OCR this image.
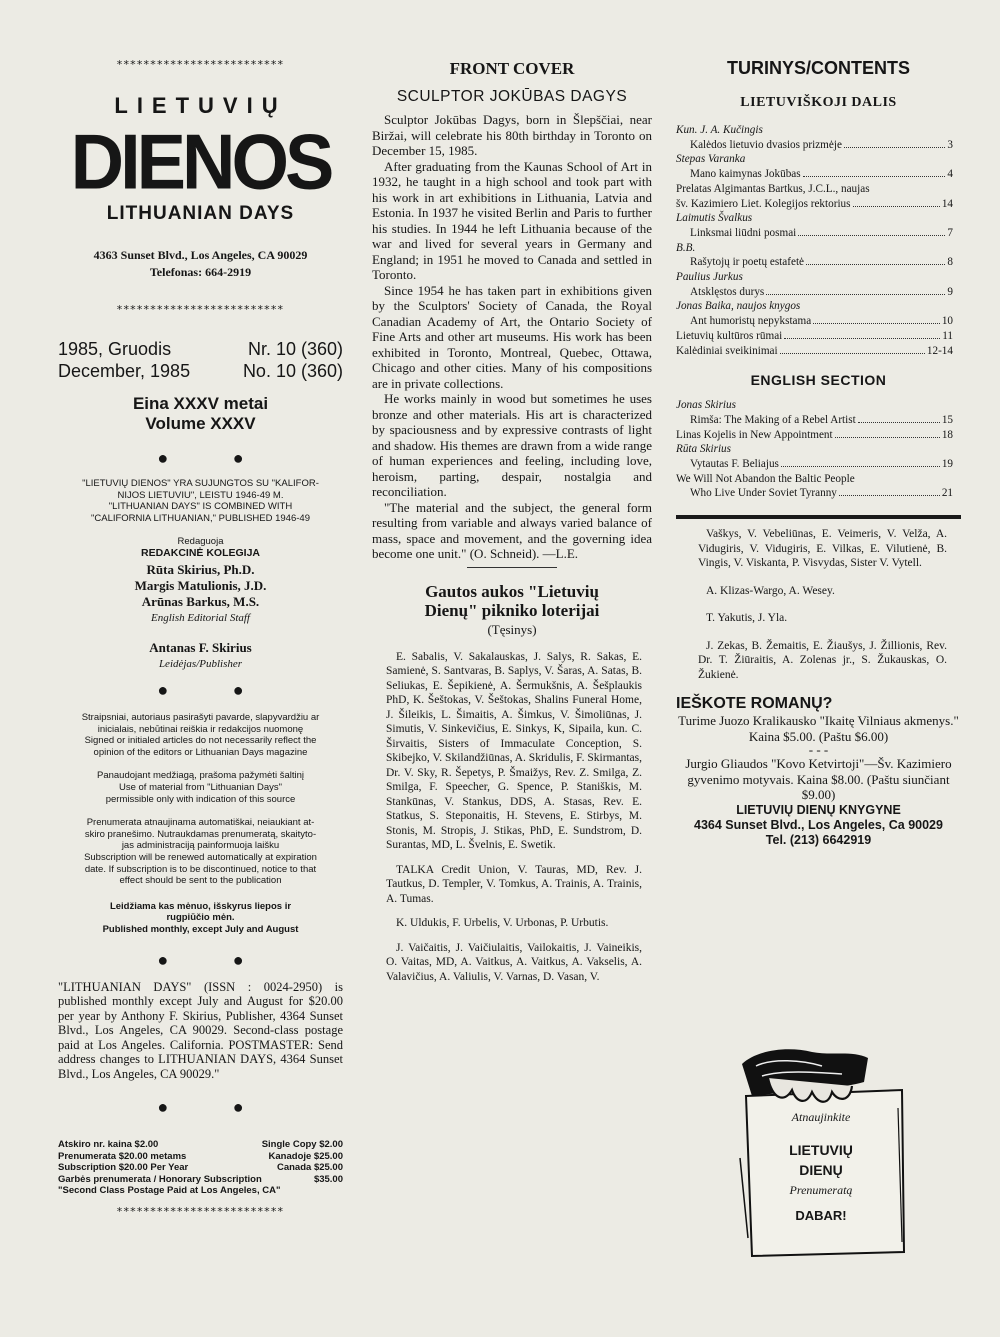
*************************
LIETUVIŲ
DIENOS
LITHUANIAN DAYS
4363 Sunset Blvd., Los Angeles, CA 90029
Telefonas: 664-2919
*************************
1985, Gruodis	Nr. 10 (360)
December, 1985	No. 10 (360)
Eina XXXV metai
Volume XXXV
● ●
"LIETUVIŲ DIENOS" YRA SUJUNGTOS SU "KALIFOR-
NIJOS LIETUVIU", LEISTU 1946-49 M.
"LITHUANIAN DAYS" IS COMBINED WITH
"CALIFORNIA LITHUANIAN," PUBLISHED 1946-49
Redaguoja
REDAKCINĖ KOLEGIJA
Rūta Skirius, Ph.D.
Margis Matulionis, J.D.
Arūnas Barkus, M.S.
English Editorial Staff
Antanas F. Skirius
Leidėjas/Publisher
● ●
Straipsniai, autoriaus pasirašyti pavarde, slapyvardžiu ar
inicialais, nebūtinai reiškia ir redakcijos nuomonę
Signed or initialed articles do not necessarily reflect the
opinion of the editors or Lithuanian Days magazine
Panaudojant medžiagą, prašoma pažymėti šaltinį
Use of material from "Lithuanian Days"
permissible only with indication of this source
Prenumerata atnaujinama automatiškai, neiaukiant at-
skiro pranešimo. Nutraukdamas prenumeratą, skaityto-
jas administraciją painformuoja laišku
Subscription will be renewed automatically at expiration
date. If subscription is to be discontinued, notice to that
effect should be sent to the publication
Leidžiama kas mėnuo, išskyrus liepos ir
rugpiūčio mėn.
Published monthly, except July and August
● ●
"LITHUANIAN DAYS" (ISSN : 0024-2950) is published monthly except July and August for $20.00 per year by Anthony F. Skirius, Publisher, 4364 Sunset Blvd., Los Angeles, CA 90029. Second-class postage paid at Los Angeles. California. POSTMASTER: Send address changes to LITHUANIAN DAYS, 4364 Sunset Blvd., Los Angeles, CA 90029."
● ●
Atskiro nr. kaina $2.00	Single Copy $2.00
Prenumerata $20.00 metams	Kanadoje $25.00
Subscription $20.00 Per Year	Canada $25.00
Garbės prenumerata / Honorary Subscription	$35.00
"Second Class Postage Paid at Los Angeles, CA"
*************************
FRONT COVER
SCULPTOR JOKŪBAS DAGYS

Sculptor Jokūbas Dagys, born in Šlepščiai, near Biržai, will celebrate his 80th birthday in Toronto on December 15, 1985.

After graduating from the Kaunas School of Art in 1932, he taught in a high school and took part with his work in art exhibitions in Lithuania, Latvia and Estonia. In 1937 he visited Berlin and Paris to further his studies. In 1944 he left Lithuania because of the war and lived for several years in Germany and England; in 1951 he moved to Canada and settled in Toronto.

Since 1954 he has taken part in exhibitions given by the Sculptors' Society of Canada, the Royal Canadian Academy of Art, the Ontario Society of Fine Arts and other art museums. His work has been exhibited in Toronto, Montreal, Quebec, Ottawa, Chicago and other cities. Many of his compositions are in private collections.

He works mainly in wood but sometimes he uses bronze and other materials. His art is characterized by spaciousness and by expressive contrasts of light and shadow. His themes are drawn from a wide range of human experiences and feeling, including love, heroism, parting, despair, nostalgia and reconciliation.

"The material and the subject, the general form resulting from variable and always varied balance of mass, space and movement, and the governing idea become one unit." (O. Schneid). —L.E.

Gautos aukos "Lietuvių
Dienų" pikniko loterijai
(Tęsinys)

E. Sabalis, V. Sakalauskas, J. Salys, R. Sakas, E. Samienė, S. Santvaras, B. Saplys, V. Šaras, A. Satas, B. Seliukas, E. Šepikienė, A. Šermukšnis, A. Šešplaukis PhD, K. Šeštokas, V. Šeštokas, Shalins Funeral Home, J. Šileikis, L. Šimaitis, A. Šimkus, V. Šimoliūnas, J. Simutis, V. Sinkevičius, E. Sinkys, K, Sipaila, kun. C. Širvaitis, Sisters of Immaculate Conception, S. Skibejko, V. Skilandžiūnas, A. Skridulis, F. Skirmantas, Dr. V. Sky, R. Šepetys, P. Šmaižys, Rev. Z. Smilga, Z. Smilga, F. Speecher, G. Spence, P. Staniškis, M. Stankūnas, V. Stankus, DDS, A. Stasas, Rev. E. Statkus, S. Steponaitis, H. Stevens, E. Stirbys, M. Stonis, M. Stropis, J. Stikas, PhD, E. Sundstrom, D. Surantas, MD, L. Švelnis, E. Swetik.

TALKA Credit Union, V. Tauras, MD, Rev. J. Tautkus, D. Templer, V. Tomkus, A. Trainis, A. Trainis, A. Tumas.

K. Uldukis, F. Urbelis, V. Urbonas, P. Urbutis.

J. Vaičaitis, J. Vaičiulaitis, Vailokaitis, J. Vaineikis, O. Vaitas, MD, A. Vaitkus, A. Vaitkus, A. Vakselis, A. Valavičius, A. Valiulis, V. Varnas, D. Vasan, V.

TURINYS/CONTENTS
LIETUVIŠKOJI DALIS
Kun. J. A. Kučingis
Kalėdos lietuvio dvasios prizmėje	3
Stepas Varanka
Mano kaimynas Jokūbas	4
Prelatas Algimantas Bartkus, J.C.L., naujas
šv. Kazimiero Liet. Kolegijos rektorius	14
Laimutis Švalkus
Linksmai liūdni posmai	7
B.B.
Rašytojų ir poetų estafetė	8
Paulius Jurkus
Atsklęstos durys	9
Jonas Baika, naujos knygos
Ant humoristų nepykstama	10
Lietuvių kultūros rūmai	11
Kalėdiniai sveikinimai	12-14
ENGLISH SECTION
Jonas Skirius
Rimša: The Making of a Rebel Artist	15
Linas Kojelis in New Appointment	18
Rūta Skirius
Vytautas F. Beliajus	19
We Will Not Abandon the Baltic People
Who Live Under Soviet Tyranny	21

Vaškys, V. Vebeliūnas, E. Veimeris, V. Velža, A. Vidugiris, V. Vidugiris, E. Vilkas, E. Vilutienė, B. Vingis, V. Viskanta, P. Visvydas, Sister V. Vytell.

A. Klizas-Wargo, A. Wesey.

T. Yakutis, J. Yla.

J. Zekas, B. Žemaitis, E. Žiaušys, J. Žillionis, Rev. Dr. T. Žiūraitis, A. Zolenas jr., S. Žukauskas, O. Žukienė.

IEŠKOTE ROMANŲ?
Turime Juozo Kralikausko "Ikaitę Vilniaus akmenys." Kaina $5.00. (Paštu $6.00)
- - -
Jurgio Gliaudos "Kovo Ketvirtoji"—Šv. Kazimiero gyvenimo motyvais. Kaina $8.00. (Paštu siunčiant $9.00)
LIETUVIŲ DIENŲ KNYGYNE
4364 Sunset Blvd., Los Angeles, Ca 90029
Tel. (213) 6642919
Atnaujinkite
LIETUVIŲ
DIENŲ
Prenumeratą
DABAR!
